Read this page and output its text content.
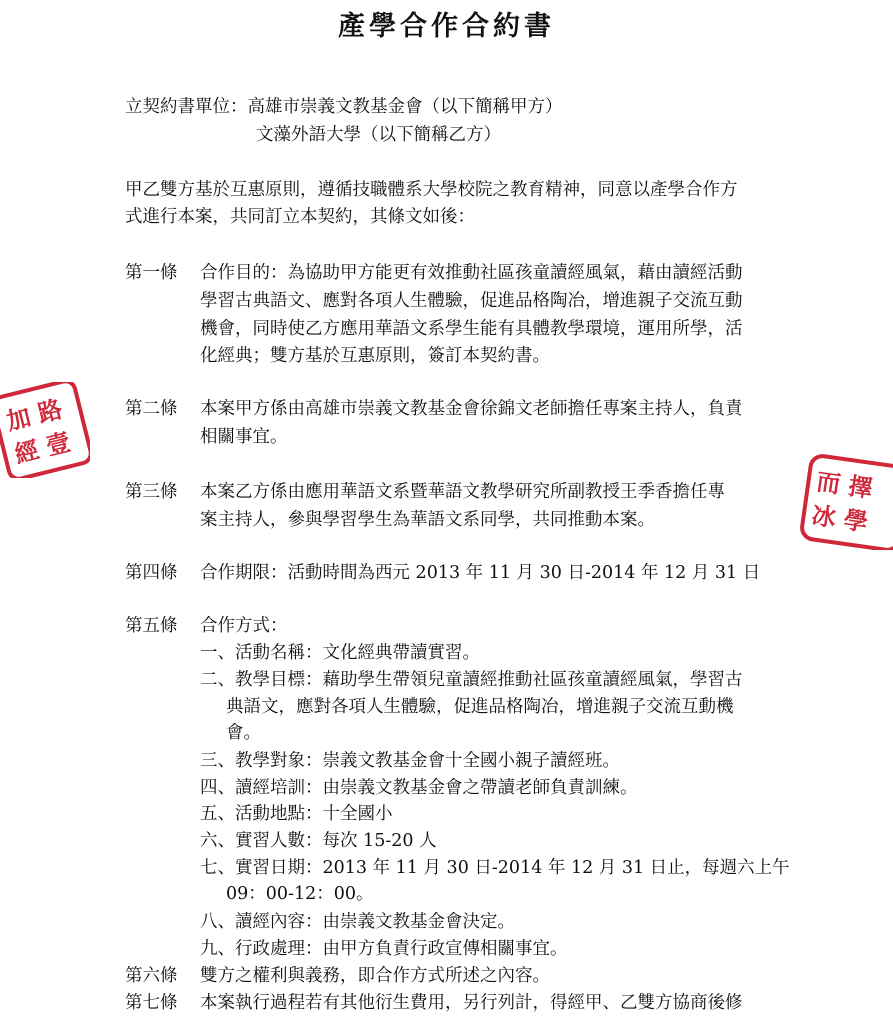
產學合作合約書
立契約書單位：高雄市崇義文教基金會（以下簡稱甲方）
文藻外語大學（以下簡稱乙方）
甲乙雙方基於互惠原則，遵循技職體系大學校院之教育精神，同意以產學合作方
式進行本案，共同訂立本契約，其條文如後：
第一條 合作目的：為協助甲方能更有效推動社區孩童讀經風氣，藉由讀經活動
學習古典語文、應對各項人生體驗，促進品格陶冶，增進親子交流互動
機會，同時使乙方應用華語文系學生能有具體教學環境，運用所學，活
化經典；雙方基於互惠原則，簽訂本契約書。
第二條 本案甲方係由高雄市崇義文教基金會徐錦文老師擔任專案主持人，負責
相關事宜。
第三條 本案乙方係由應用華語文系暨華語文教學研究所副教授王季香擔任專
案主持人，參與學習學生為華語文系同學，共同推動本案。
第四條 合作期限：活動時間為西元 2013 年 11 月 30 日-2014 年 12 月 31 日
第五條 合作方式：
一、活動名稱：文化經典帶讀實習。
二、教學目標：藉助學生帶領兒童讀經推動社區孩童讀經風氣，學習古
典語文，應對各項人生體驗，促進品格陶冶，增進親子交流互動機
會。
三、教學對象：崇義文教基金會十全國小親子讀經班。
四、讀經培訓：由崇義文教基金會之帶讀老師負責訓練。
五、活動地點：十全國小
六、實習人數：每次 15-20 人
七、實習日期：2013 年 11 月 30 日-2014 年 12 月 31 日止，每週六上午
09：00-12：00。
八、讀經內容：由崇義文教基金會決定。
九、行政處理：由甲方負責行政宣傳相關事宜。
第六條 雙方之權利與義務，即合作方式所述之內容。
第七條 本案執行過程若有其他衍生費用，另行列計，得經甲、乙雙方協商後修
加 路
經 壹
而 擇
冰 學
